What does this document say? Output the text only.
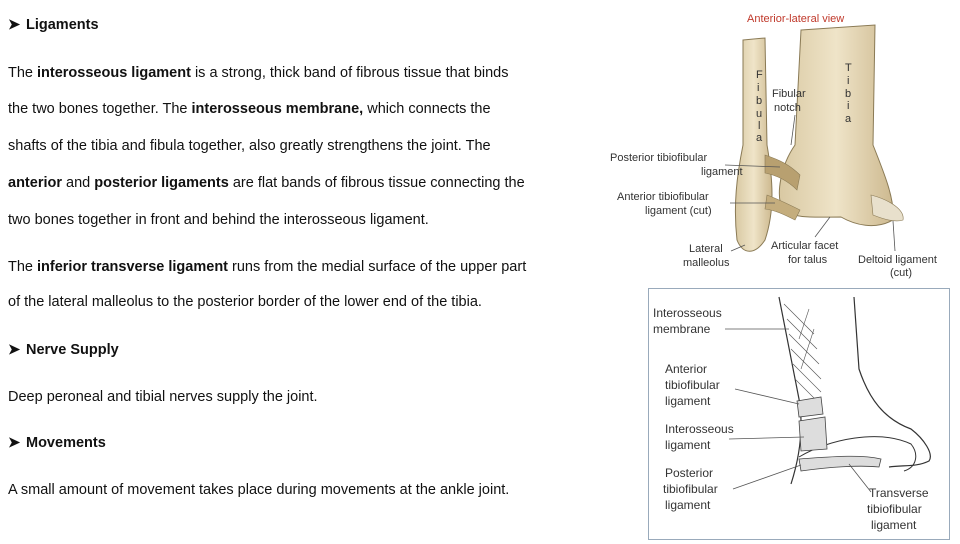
➤ Ligaments
The interosseous ligament is a strong, thick band of fibrous tissue that binds
the two bones together. The interosseous membrane, which connects the
shafts of the tibia and fibula together, also greatly strengthens the joint. The
anterior and posterior ligaments are flat bands of fibrous tissue connecting the
two bones together in front and behind the interosseous ligament.
The inferior transverse ligament runs from the medial surface of the upper part
of the lateral malleolus to the posterior border of the lower end of the tibia.
➤ Nerve Supply
Deep peroneal and tibial nerves supply the joint.
➤ Movements
A small amount of movement takes place during movements at the ankle joint.
Anterior-lateral view
F
i
b
u
l
a
T
i
b
i
a
Fibular
notch
Posterior tibiofibular
ligament
Anterior tibiofibular
ligament (cut)
Lateral
malleolus
Articular facet
for talus	Deltoid ligament
(cut)
Interosseous
membrane
Anterior
tibiofibular
ligament
Interosseous
ligament
Posterior
tibiofibular
ligament
Transverse
tibiofibular
ligament
